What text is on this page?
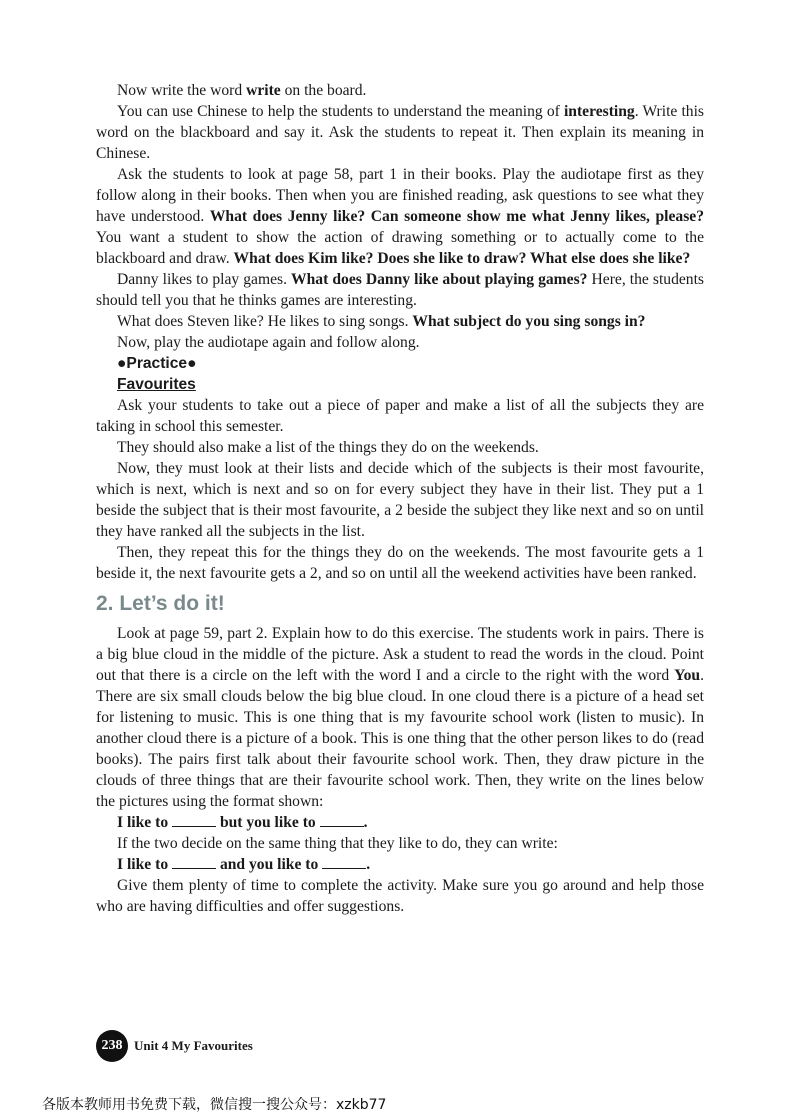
Now write the word write on the board.

You can use Chinese to help the students to understand the meaning of interesting. Write this word on the blackboard and say it. Ask the students to repeat it. Then explain its meaning in Chinese.

Ask the students to look at page 58, part 1 in their books. Play the audiotape first as they follow along in their books. Then when you are finished reading, ask questions to see what they have understood. What does Jenny like? Can someone show me what Jenny likes, please? You want a student to show the action of drawing something or to actually come to the blackboard and draw. What does Kim like? Does she like to draw? What else does she like?

Danny likes to play games. What does Danny like about playing games? Here, the students should tell you that he thinks games are interesting.

What does Steven like? He likes to sing songs. What subject do you sing songs in?

Now, play the audiotape again and follow along.

●Practice●

Favourites

Ask your students to take out a piece of paper and make a list of all the subjects they are taking in school this semester.

They should also make a list of the things they do on the weekends.

Now, they must look at their lists and decide which of the subjects is their most favourite, which is next, which is next and so on for every subject they have in their list. They put a 1 beside the subject that is their most favourite, a 2 beside the subject they like next and so on until they have ranked all the subjects in the list.

Then, they repeat this for the things they do on the weekends. The most favourite gets a 1 beside it, the next favourite gets a 2, and so on until all the weekend activities have been ranked.

2. Let’s do it!

Look at page 59, part 2. Explain how to do this exercise. The students work in pairs. There is a big blue cloud in the middle of the picture. Ask a student to read the words in the cloud. Point out that there is a circle on the left with the word I and a circle to the right with the word You. There are six small clouds below the big blue cloud. In one cloud there is a picture of a head set for listening to music. This is one thing that is my favourite school work (listen to music). In another cloud there is a picture of a book. This is one thing that the other person likes to do (read books). The pairs first talk about their favourite school work. Then, they draw picture in the clouds of three things that are their favourite school work. Then, they write on the lines below the pictures using the format shown:

I like to	but you like to	.

If the two decide on the same thing that they like to do, they can write:

I like to	and you like to	.

Give them plenty of time to complete the activity. Make sure you go around and help those who are having difficulties and offer suggestions.

238 Unit 4 My Favourites
各版本教师用书免费下载，微信搜一搜公众号：xzkb77
